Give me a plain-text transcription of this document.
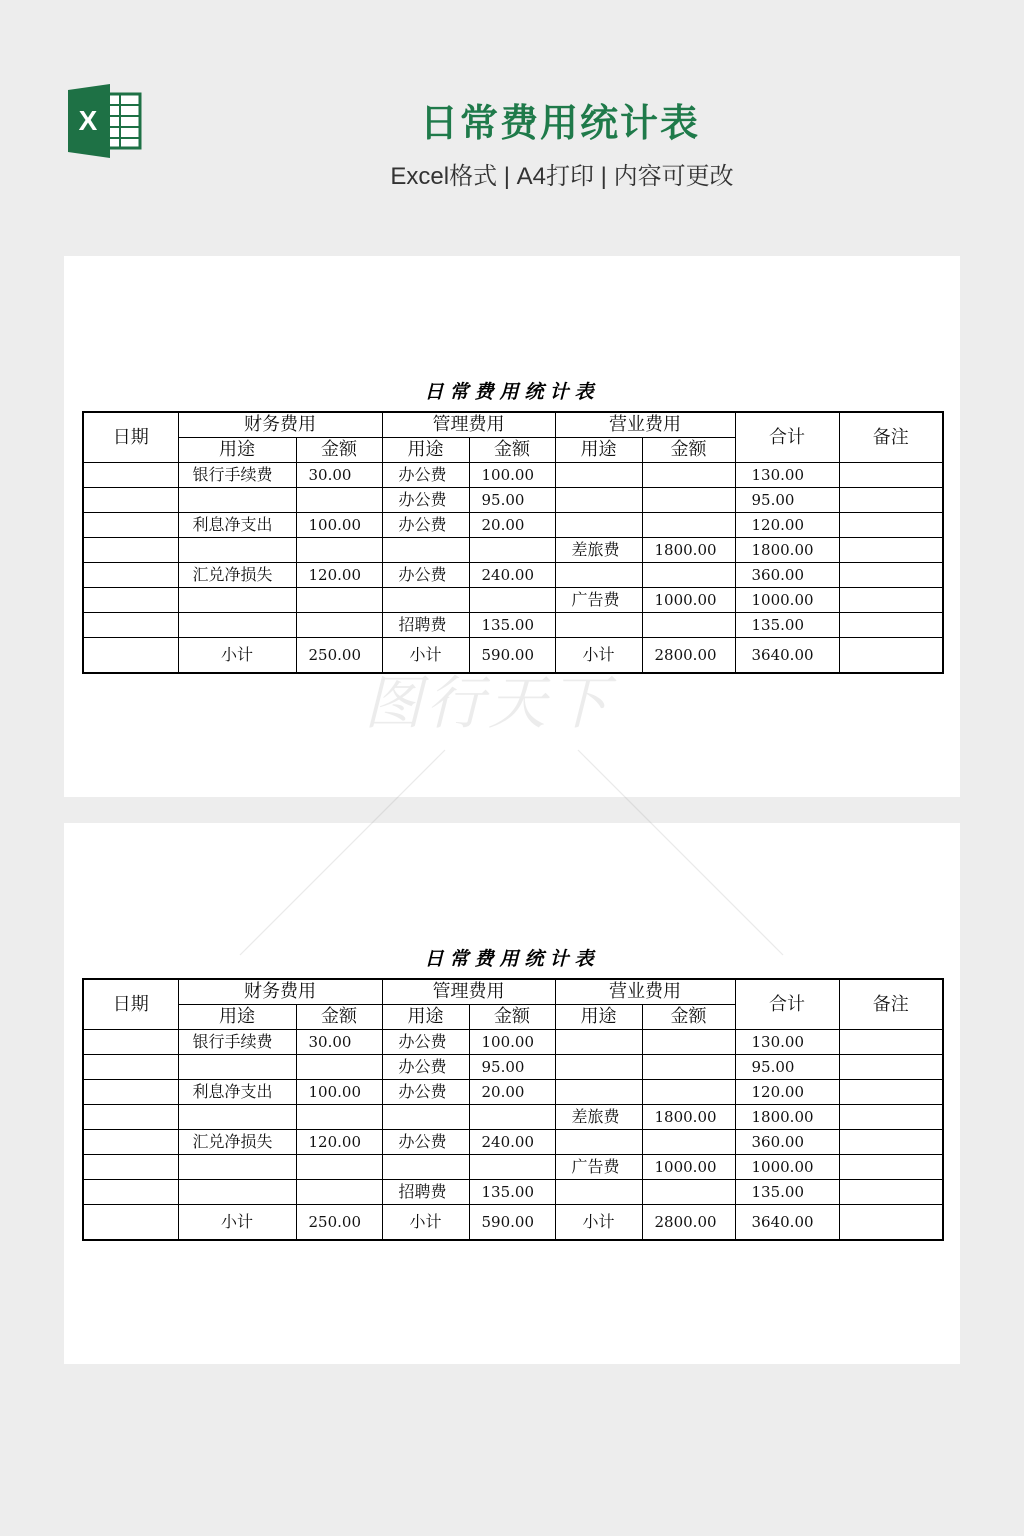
X	日常费用统计表
Excel格式 | A4打印 | 内容可更改
日常费用统计表
日期	财务费用		管理费用		营业费用		合计	备注
	用途	金额	用途	金额	用途	金额		
	银行手续费	30.00	办公费	100.00			130.00	
			办公费	95.00			95.00	
	利息净支出	100.00	办公费	20.00			120.00	
					差旅费	1800.00	1800.00	
	汇兑净损失	120.00	办公费	240.00			360.00	
					广告费	1000.00	1000.00	
			招聘费	135.00			135.00	
	小计	250.00	小计	590.00	小计	2800.00	3640.00	
图行天下
日常费用统计表
日期	财务费用		管理费用		营业费用		合计	备注
	用途	金额	用途	金额	用途	金额		
	银行手续费	30.00	办公费	100.00			130.00	
			办公费	95.00			95.00	
	利息净支出	100.00	办公费	20.00			120.00	
					差旅费	1800.00	1800.00	
	汇兑净损失	120.00	办公费	240.00			360.00	
					广告费	1000.00	1000.00	
			招聘费	135.00			135.00	
	小计	250.00	小计	590.00	小计	2800.00	3640.00	
